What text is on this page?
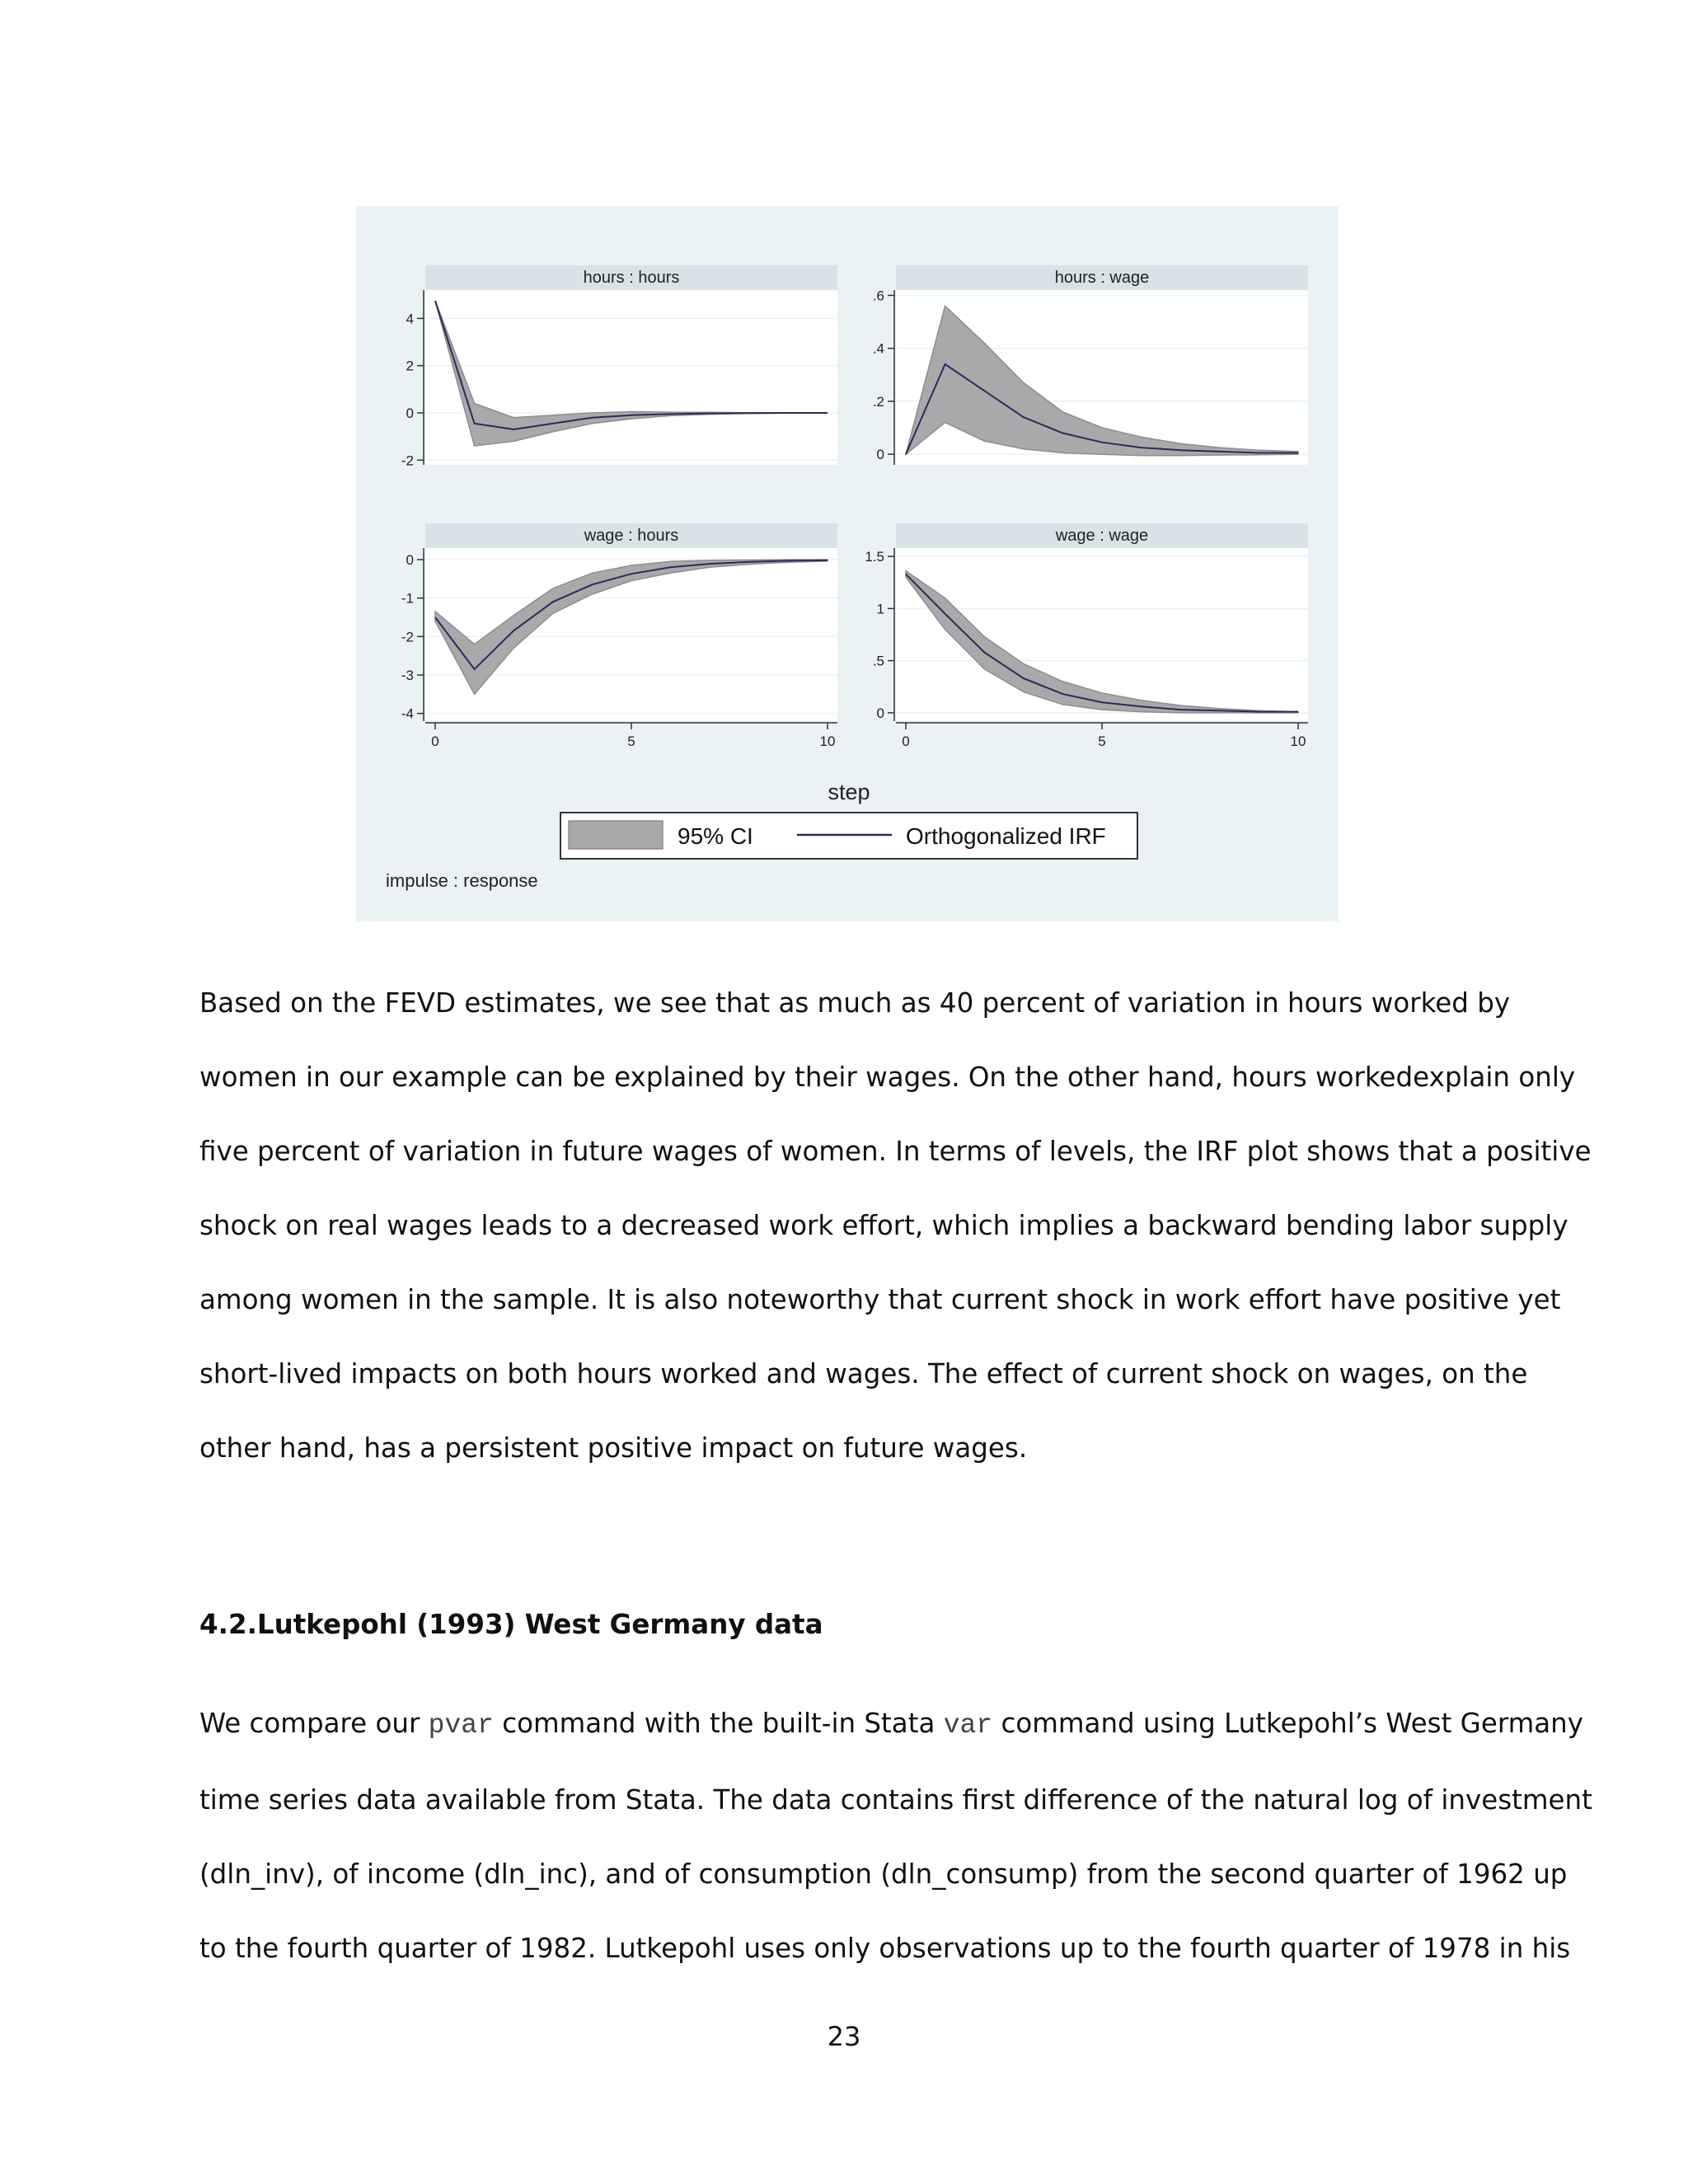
hours : hours
-2
0
2
4
hours : wage
0
.2
.4
.6
wage : hours
-4
-3
-2
-1
0
0	5	10
wage : wage
0
.5
1
1.5
0	5	10
step
95% CI	Orthogonalized IRF
impulse : response

Based on the FEVD estimates, we see that as much as 40 percent of variation in hours worked by

women in our example can be explained by their wages. On the other hand, hours workedexplain only

five percent of variation in future wages of women. In terms of levels, the IRF plot shows that a positive

shock on real wages leads to a decreased work effort, which implies a backward bending labor supply

among women in the sample. It is also noteworthy that current shock in work effort have positive yet

short-lived impacts on both hours worked and wages. The effect of current shock on wages, on the

other hand, has a persistent positive impact on future wages.

4.2.Lutkepohl (1993) West Germany data

We compare our pvar command with the built-in Stata var command using Lutkepohl’s West Germany

time series data available from Stata. The data contains first difference of the natural log of investment

(dln_inv), of income (dln_inc), and of consumption (dln_consump) from the second quarter of 1962 up

to the fourth quarter of 1982. Lutkepohl uses only observations up to the fourth quarter of 1978 in his

23
